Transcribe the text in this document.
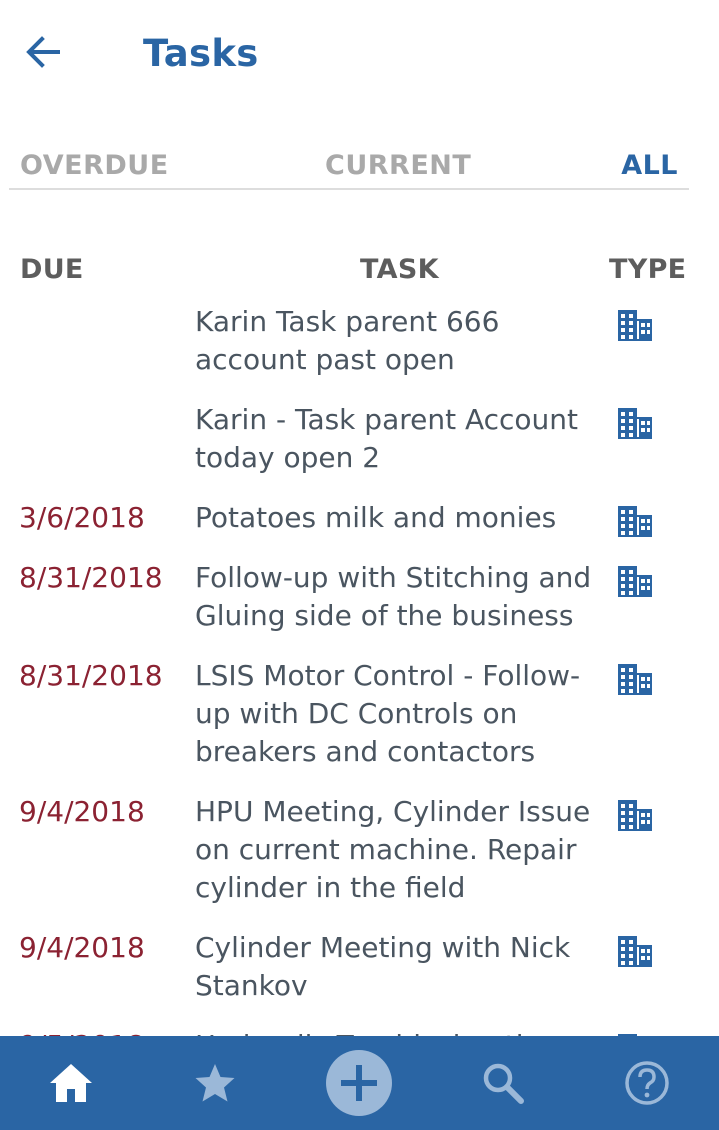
Tasks
OVERDUE	CURRENT	ALL
DUE	TASK	TYPE
Karin Task parent 666 account past open
Karin - Task parent Account today open 2
3/6/2018 Potatoes milk and monies
8/31/2018 Follow-up with Stitching and Gluing side of the business
8/31/2018 LSIS Motor Control - Follow-up with DC Controls on breakers and contactors
9/4/2018 HPU Meeting, Cylinder Issue on current machine. Repair cylinder in the field
9/4/2018 Cylinder Meeting with Nick Stankov
